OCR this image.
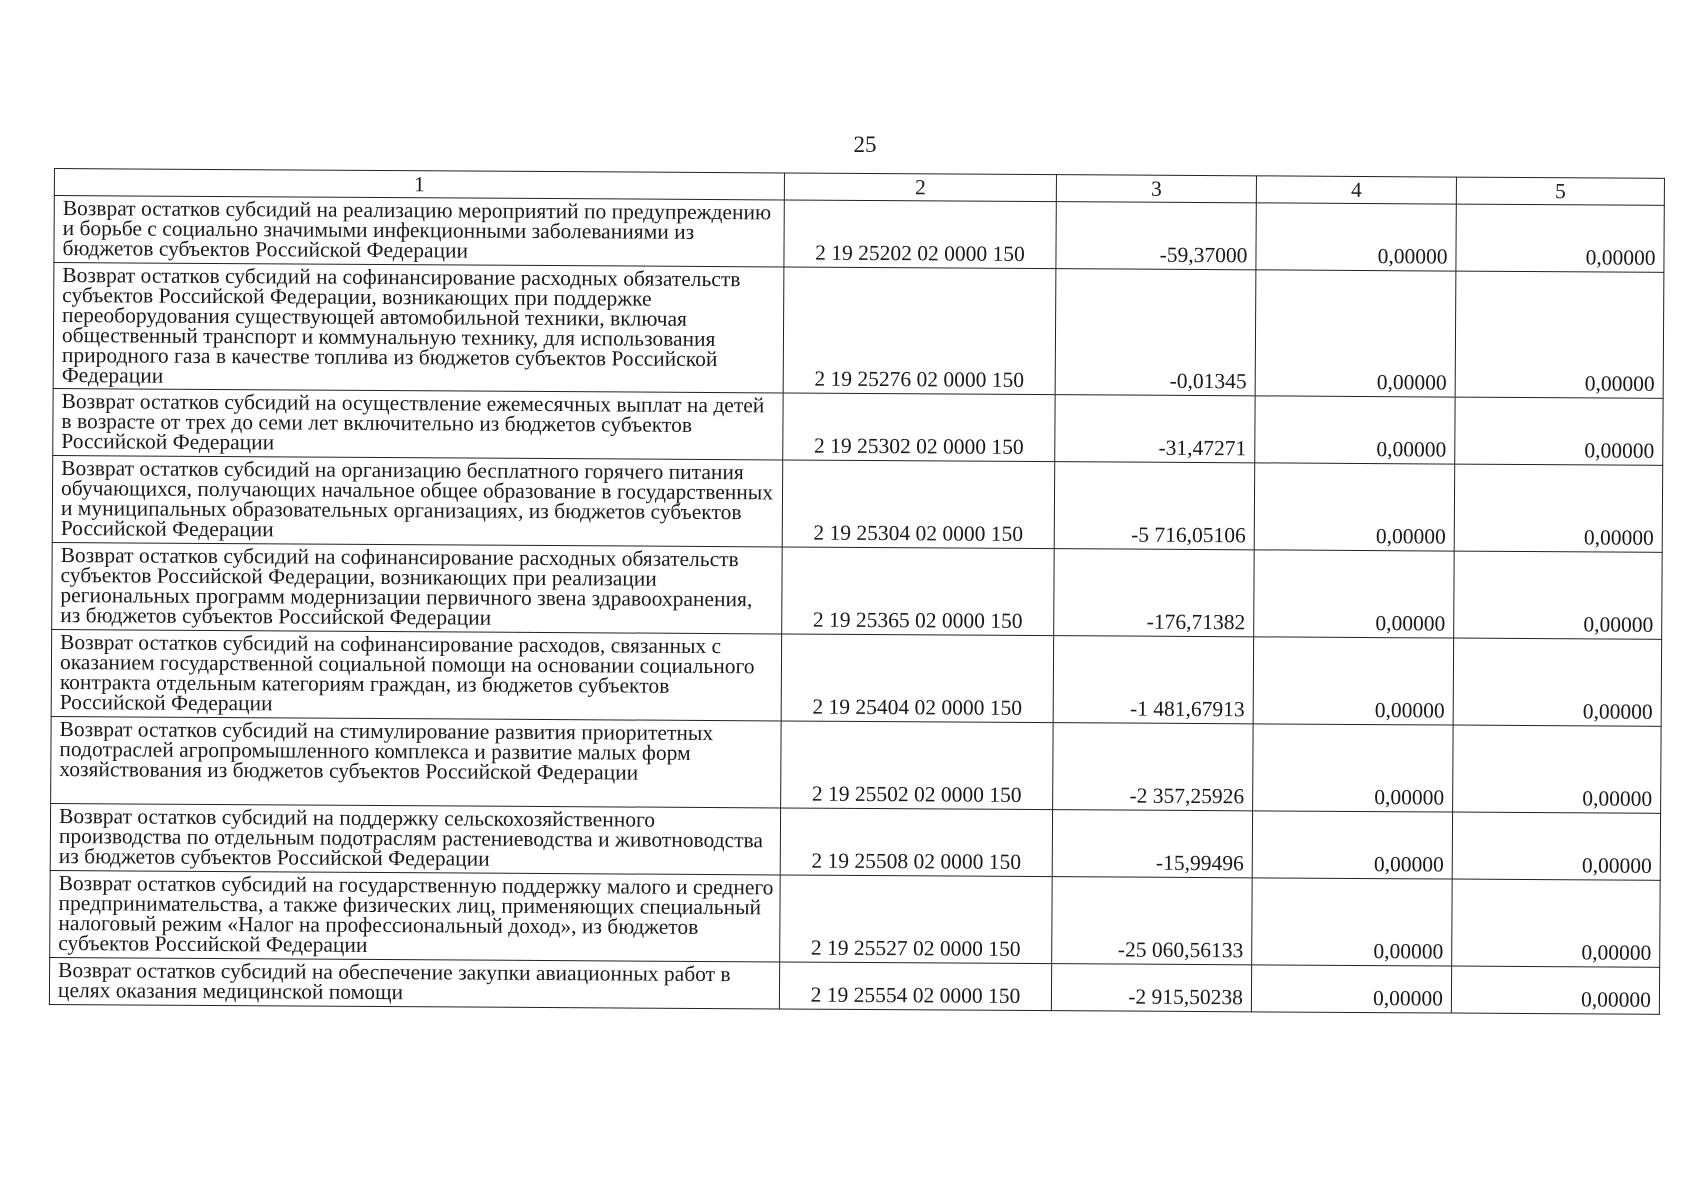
25
1	2	3	4	5
Возврат остатков субсидий на реализацию мероприятий по предупреждению и борьбе с социально значимыми инфекционными заболеваниями из бюджетов субъектов Российской Федерации	2 19 25202 02 0000 150	-59,37000	0,00000	0,00000
Возврат остатков субсидий на софинансирование расходных обязательств субъектов Российской Федерации, возникающих при поддержке переоборудования существующей автомобильной техники, включая общественный транспорт и коммунальную технику, для использования природного газа в качестве топлива из бюджетов субъектов Российской Федерации	2 19 25276 02 0000 150	-0,01345	0,00000	0,00000
Возврат остатков субсидий на осуществление ежемесячных выплат на детей в возрасте от трех до семи лет включительно из бюджетов субъектов Российской Федерации	2 19 25302 02 0000 150	-31,47271	0,00000	0,00000
Возврат остатков субсидий на организацию бесплатного горячего питания обучающихся, получающих начальное общее образование в государственных и муниципальных образовательных организациях, из бюджетов субъектов Российской Федерации	2 19 25304 02 0000 150	-5 716,05106	0,00000	0,00000
Возврат остатков субсидий на софинансирование расходных обязательств субъектов Российской Федерации, возникающих при реализации региональных программ модернизации первичного звена здравоохранения, из бюджетов субъектов Российской Федерации	2 19 25365 02 0000 150	-176,71382	0,00000	0,00000
Возврат остатков субсидий на софинансирование расходов, связанных с оказанием государственной социальной помощи на основании социального контракта отдельным категориям граждан, из бюджетов субъектов Российской Федерации	2 19 25404 02 0000 150	-1 481,67913	0,00000	0,00000
Возврат остатков субсидий на стимулирование развития приоритетных подотраслей агропромышленного комплекса и развитие малых форм хозяйствования из бюджетов субъектов Российской Федерации	2 19 25502 02 0000 150	-2 357,25926	0,00000	0,00000
Возврат остатков субсидий на поддержку сельскохозяйственного производства по отдельным подотраслям растениеводства и животноводства из бюджетов субъектов Российской Федерации	2 19 25508 02 0000 150	-15,99496	0,00000	0,00000
Возврат остатков субсидий на государственную поддержку малого и среднего предпринимательства, а также физических лиц, применяющих специальный налоговый режим «Налог на профессиональный доход», из бюджетов субъектов Российской Федерации	2 19 25527 02 0000 150	-25 060,56133	0,00000	0,00000
Возврат остатков субсидий на обеспечение закупки авиационных работ в целях оказания медицинской помощи	2 19 25554 02 0000 150	-2 915,50238	0,00000	0,00000
